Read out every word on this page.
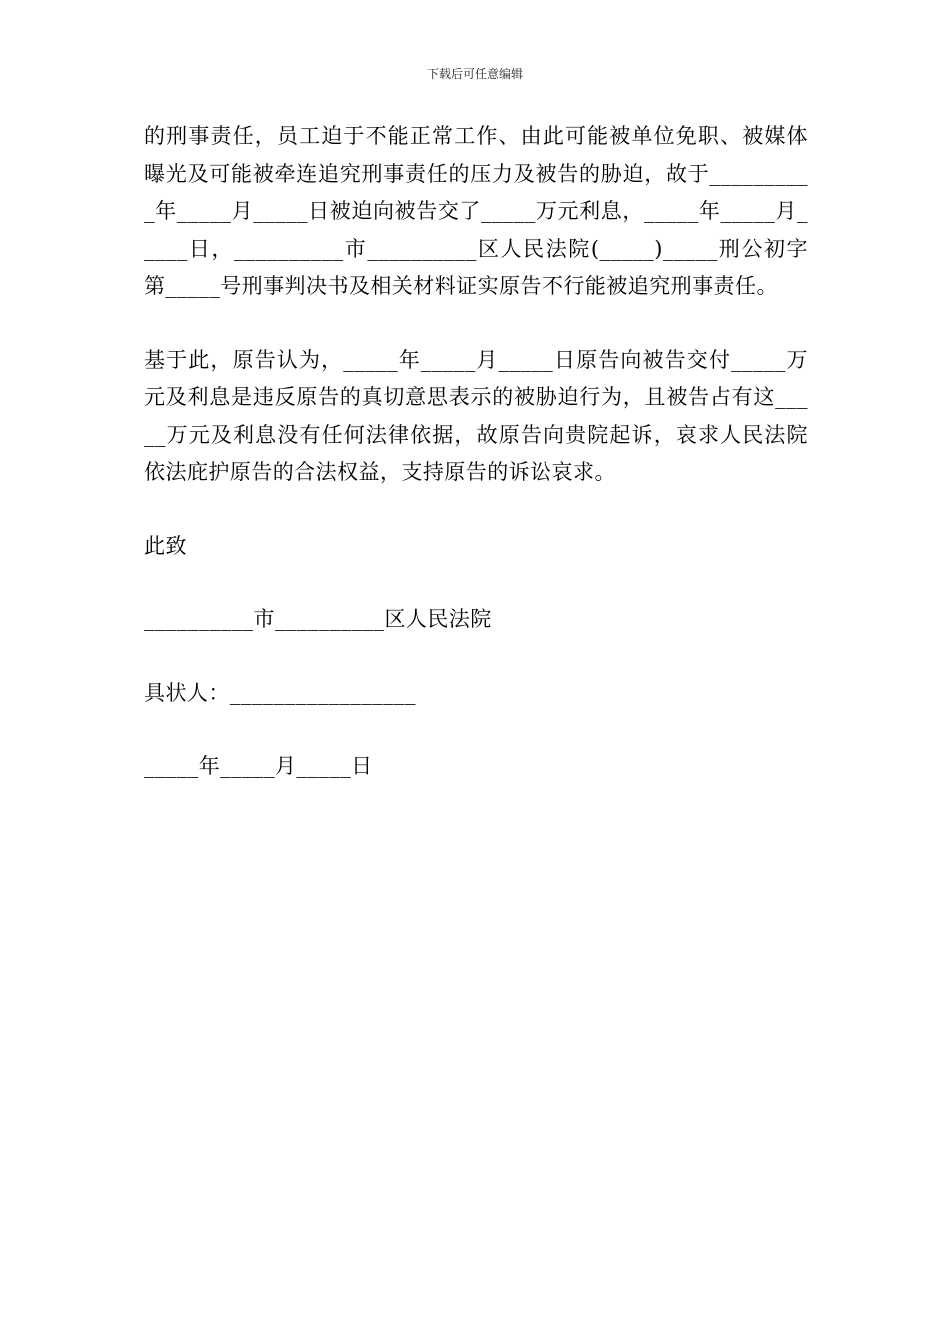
下载后可任意编辑

的刑事责任，员工迫于不能正常工作、由此可能被单位免职、被媒体曝光及可能被牵连追究刑事责任的压力及被告的胁迫，故于__________年_____月_____日被迫向被告交了_____万元利息，_____年_____月_____日，__________市__________区人民法院(_____)_____刑公初字第_____号刑事判决书及相关材料证实原告不行能被追究刑事责任。

基于此，原告认为，_____年_____月_____日原告向被告交付_____万元及利息是违反原告的真切意思表示的被胁迫行为，且被告占有这_____万元及利息没有任何法律依据，故原告向贵院起诉，哀求人民法院依法庇护原告的合法权益，支持原告的诉讼哀求。

此致
__________市__________区人民法院
具状人：_________________
_____年_____月_____日
